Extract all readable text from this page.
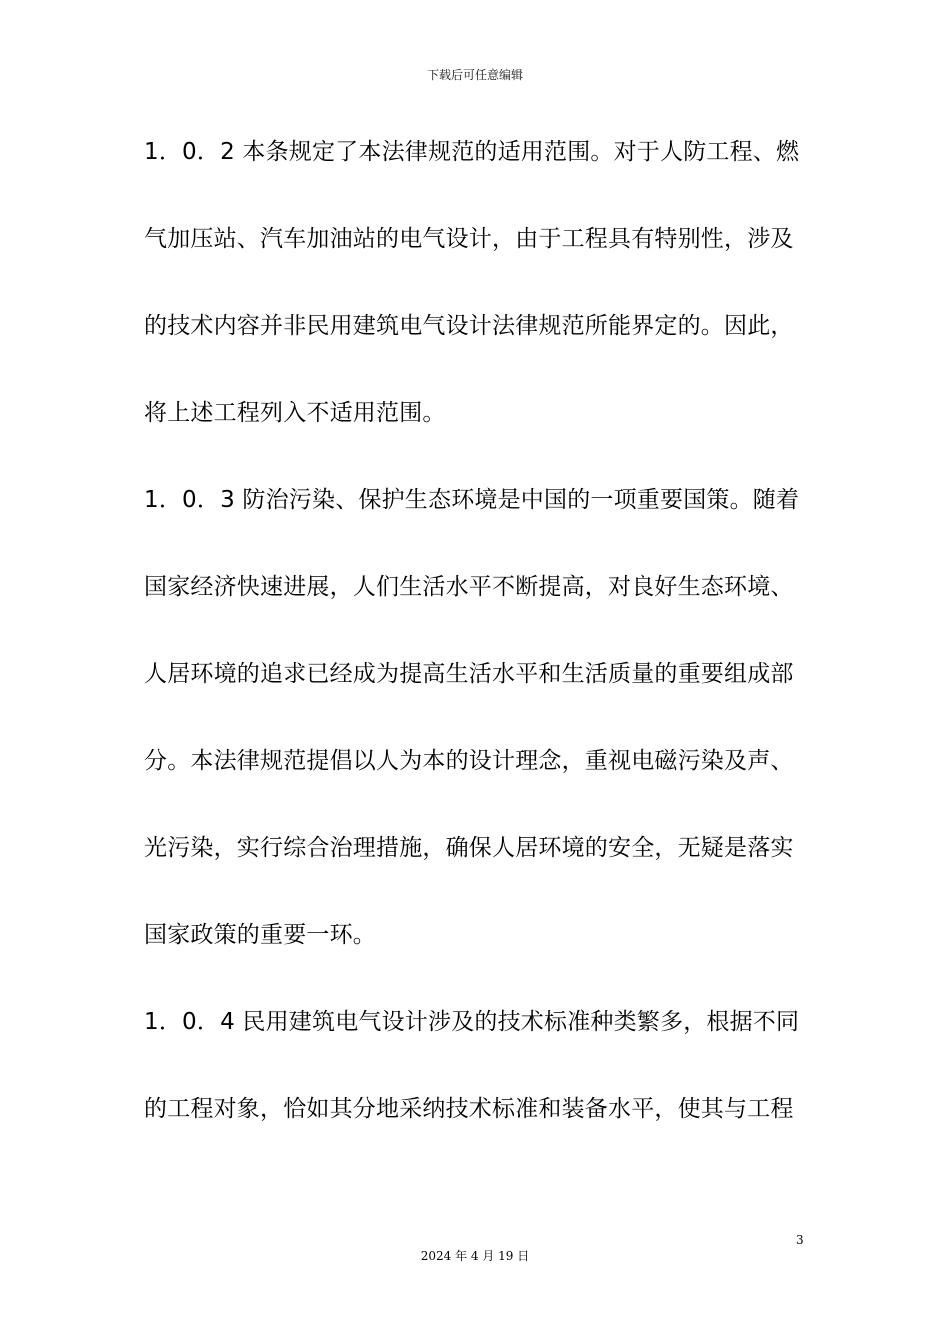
下载后可任意编辑
1．0．2 本条规定了本法律规范的适用范围。对于人防工程、燃
气加压站、汽车加油站的电气设计，由于工程具有特别性，涉及
的技术内容并非民用建筑电气设计法律规范所能界定的。因此，
将上述工程列入不适用范围。
1．0．3 防治污染、保护生态环境是中国的一项重要国策。随着
国家经济快速进展，人们生活水平不断提高，对良好生态环境、
人居环境的追求已经成为提高生活水平和生活质量的重要组成部
分。本法律规范提倡以人为本的设计理念，重视电磁污染及声、
光污染，实行综合治理措施，确保人居环境的安全，无疑是落实
国家政策的重要一环。
1．0．4 民用建筑电气设计涉及的技术标准种类繁多，根据不同
的工程对象，恰如其分地采纳技术标准和装备水平，使其与工程
3
2024 年 4 月 19 日
